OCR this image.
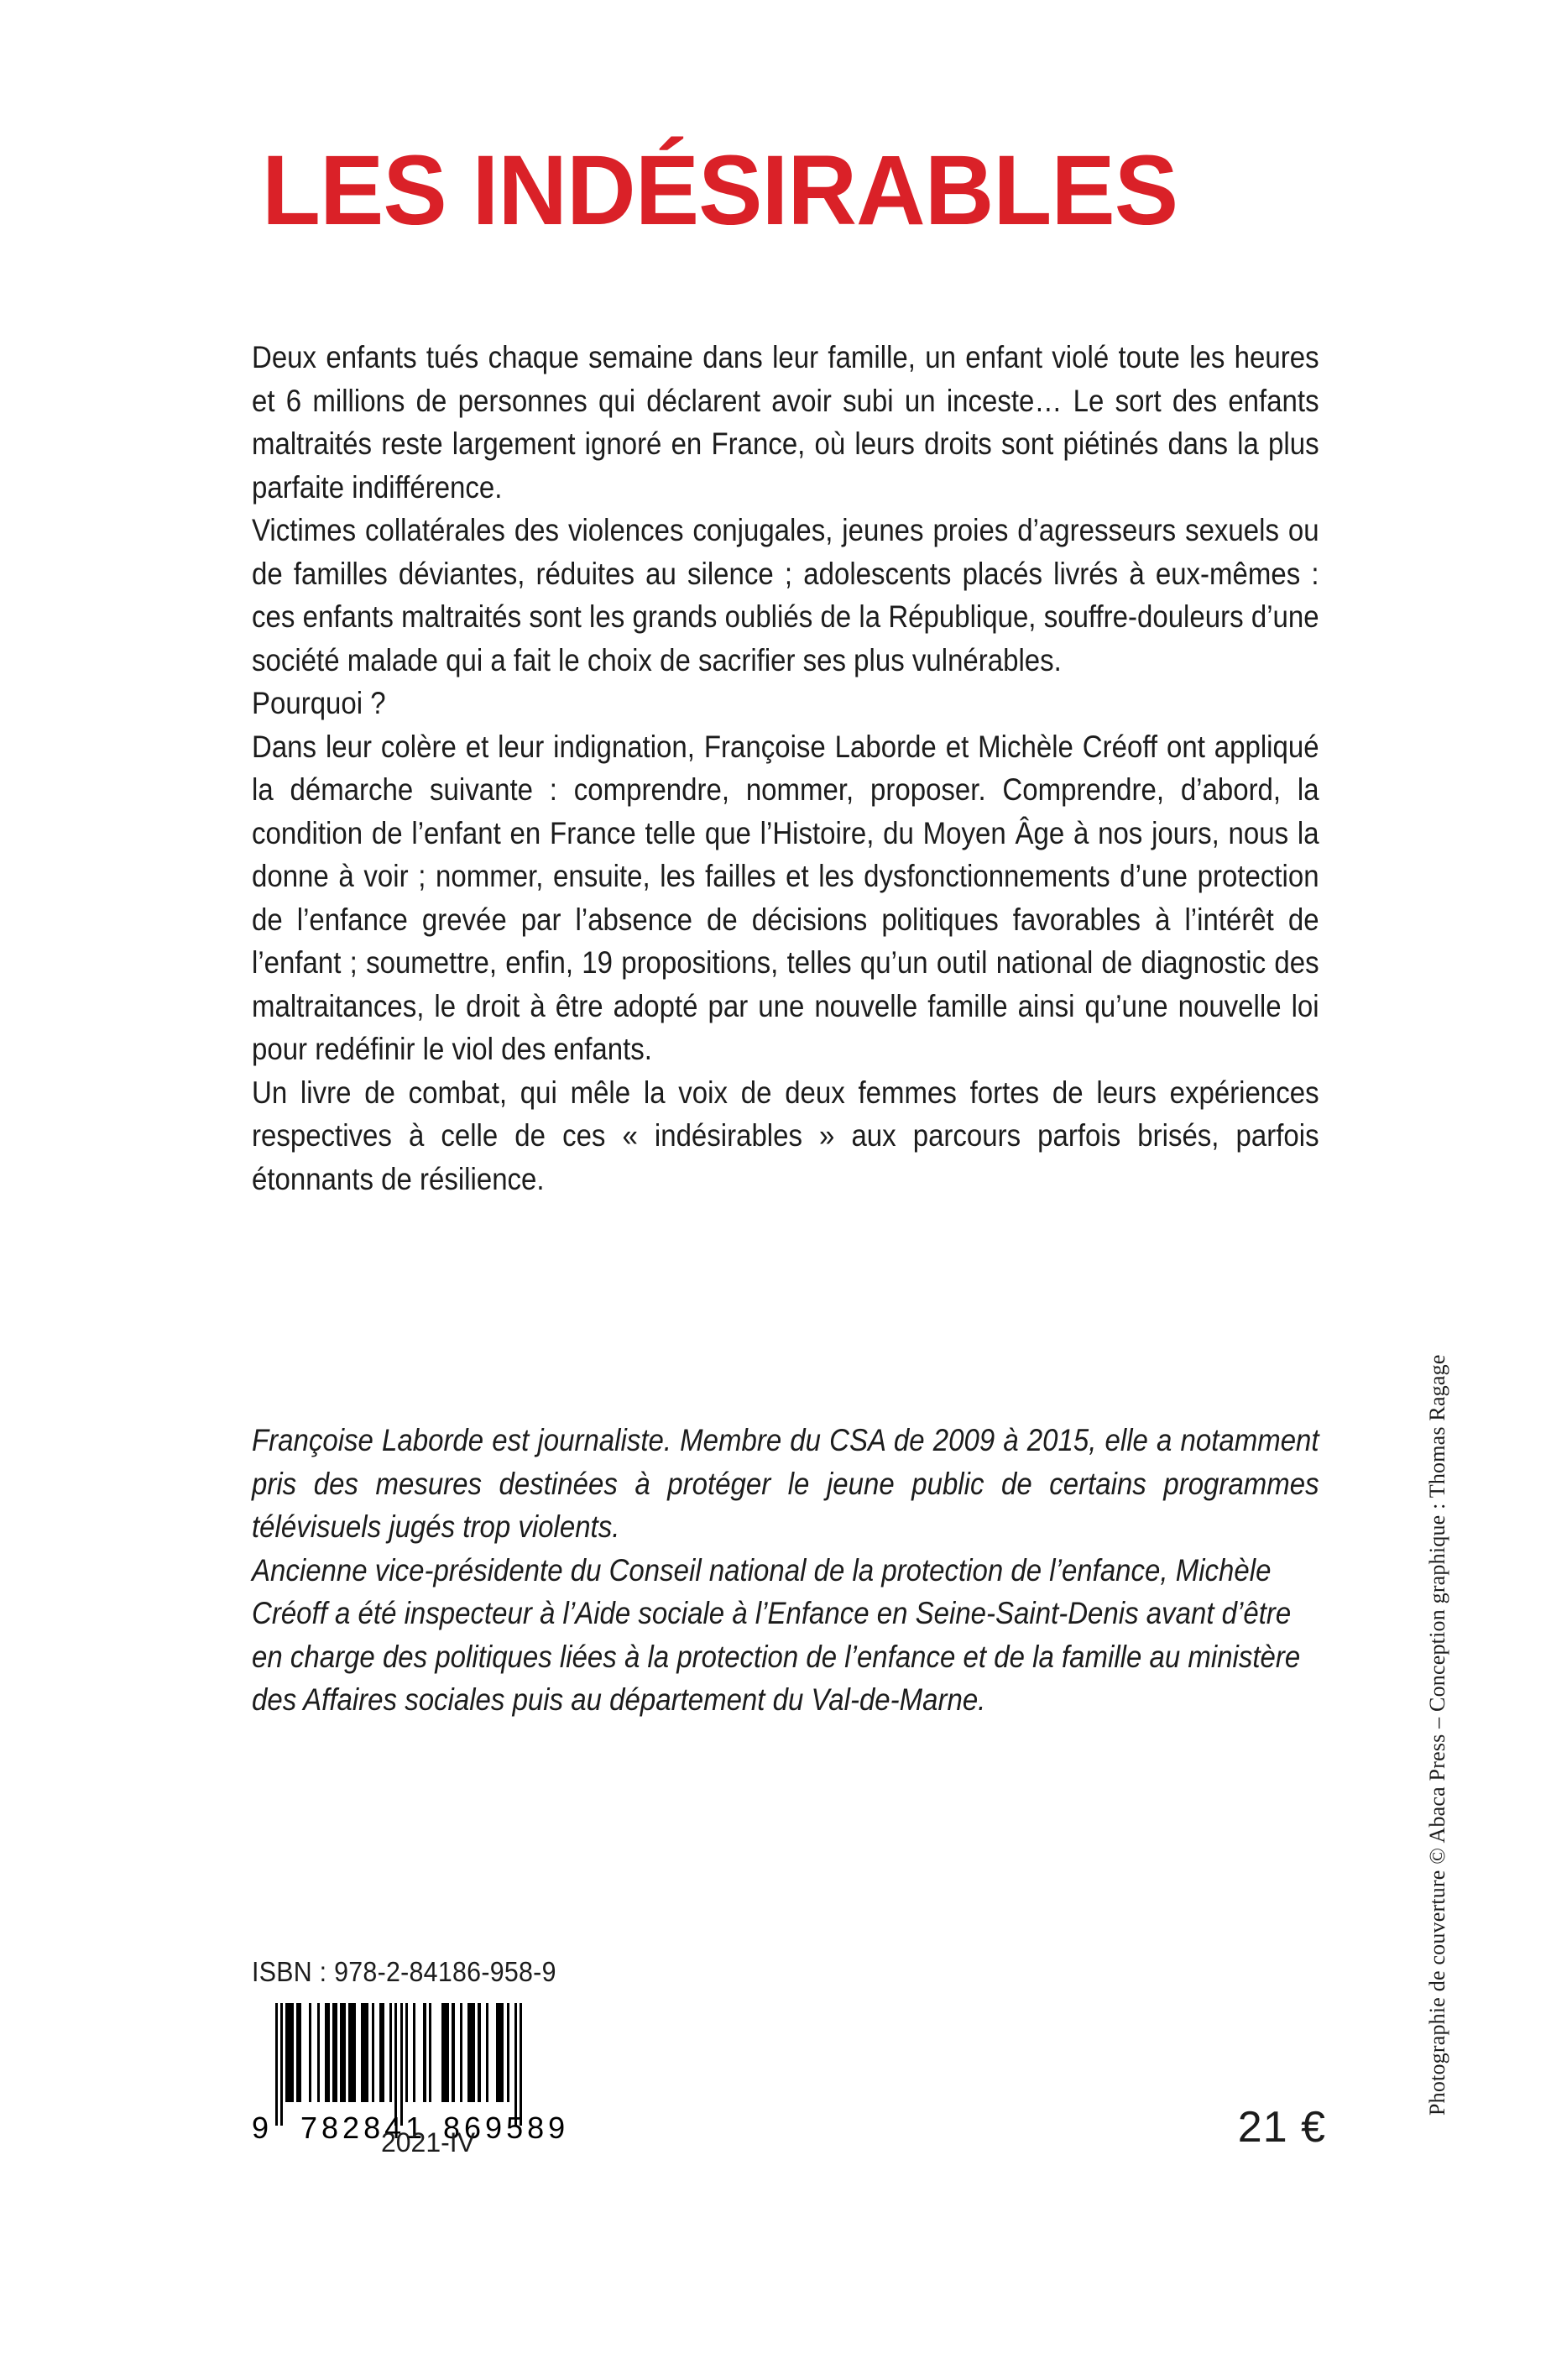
LES INDÉSIRABLES

Deux enfants tués chaque semaine dans leur famille, un enfant violé toute les heures et 6 millions de personnes qui déclarent avoir subi un inceste… Le sort des enfants maltraités reste largement ignoré en France, où leurs droits sont piétinés dans la plus parfaite indifférence.

Victimes collatérales des violences conjugales, jeunes proies d’agresseurs sexuels ou de familles déviantes, réduites au silence ; adolescents placés livrés à eux-mêmes : ces enfants maltraités sont les grands oubliés de la République, souffre-douleurs d’une société malade qui a fait le choix de sacrifier ses plus vulnérables.

Pourquoi ?

Dans leur colère et leur indignation, Françoise Laborde et Michèle Créoff ont appliqué la démarche suivante : comprendre, nommer, proposer. Comprendre, d’abord, la condition de l’enfant en France telle que l’Histoire, du Moyen Âge à nos jours, nous la donne à voir ; nommer, ensuite, les failles et les dysfonctionnements d’une protection de l’enfance grevée par l’absence de décisions politiques favorables à l’intérêt de l’enfant ; soumettre, enfin, 19 propositions, telles qu’un outil national de diagnostic des maltraitances, le droit à être adopté par une nouvelle famille ainsi qu’une nouvelle loi pour redéfinir le viol des enfants.

Un livre de combat, qui mêle la voix de deux femmes fortes de leurs expériences respectives à celle de ces « indésirables » aux parcours parfois brisés, parfois étonnants de résilience.

Françoise Laborde est journaliste. Membre du CSA de 2009 à 2015, elle a notamment pris des mesures destinées à protéger le jeune public de certains programmes télévisuels jugés trop violents.

Ancienne vice-présidente du Conseil national de la protection de l’enfance, Michèle Créoff a été inspecteur à l’Aide sociale à l’Enfance en Seine-Saint-Denis avant d’être en charge des politiques liées à la protection de l’enfance et de la famille au ministère des Affaires sociales puis au département du Val-de-Marne.

ISBN : 978-2-84186-958-9
9 782841 869589
2021-IV	21 €
Photographie de couverture © Abaca Press – Conception graphique : Thomas Ragage
